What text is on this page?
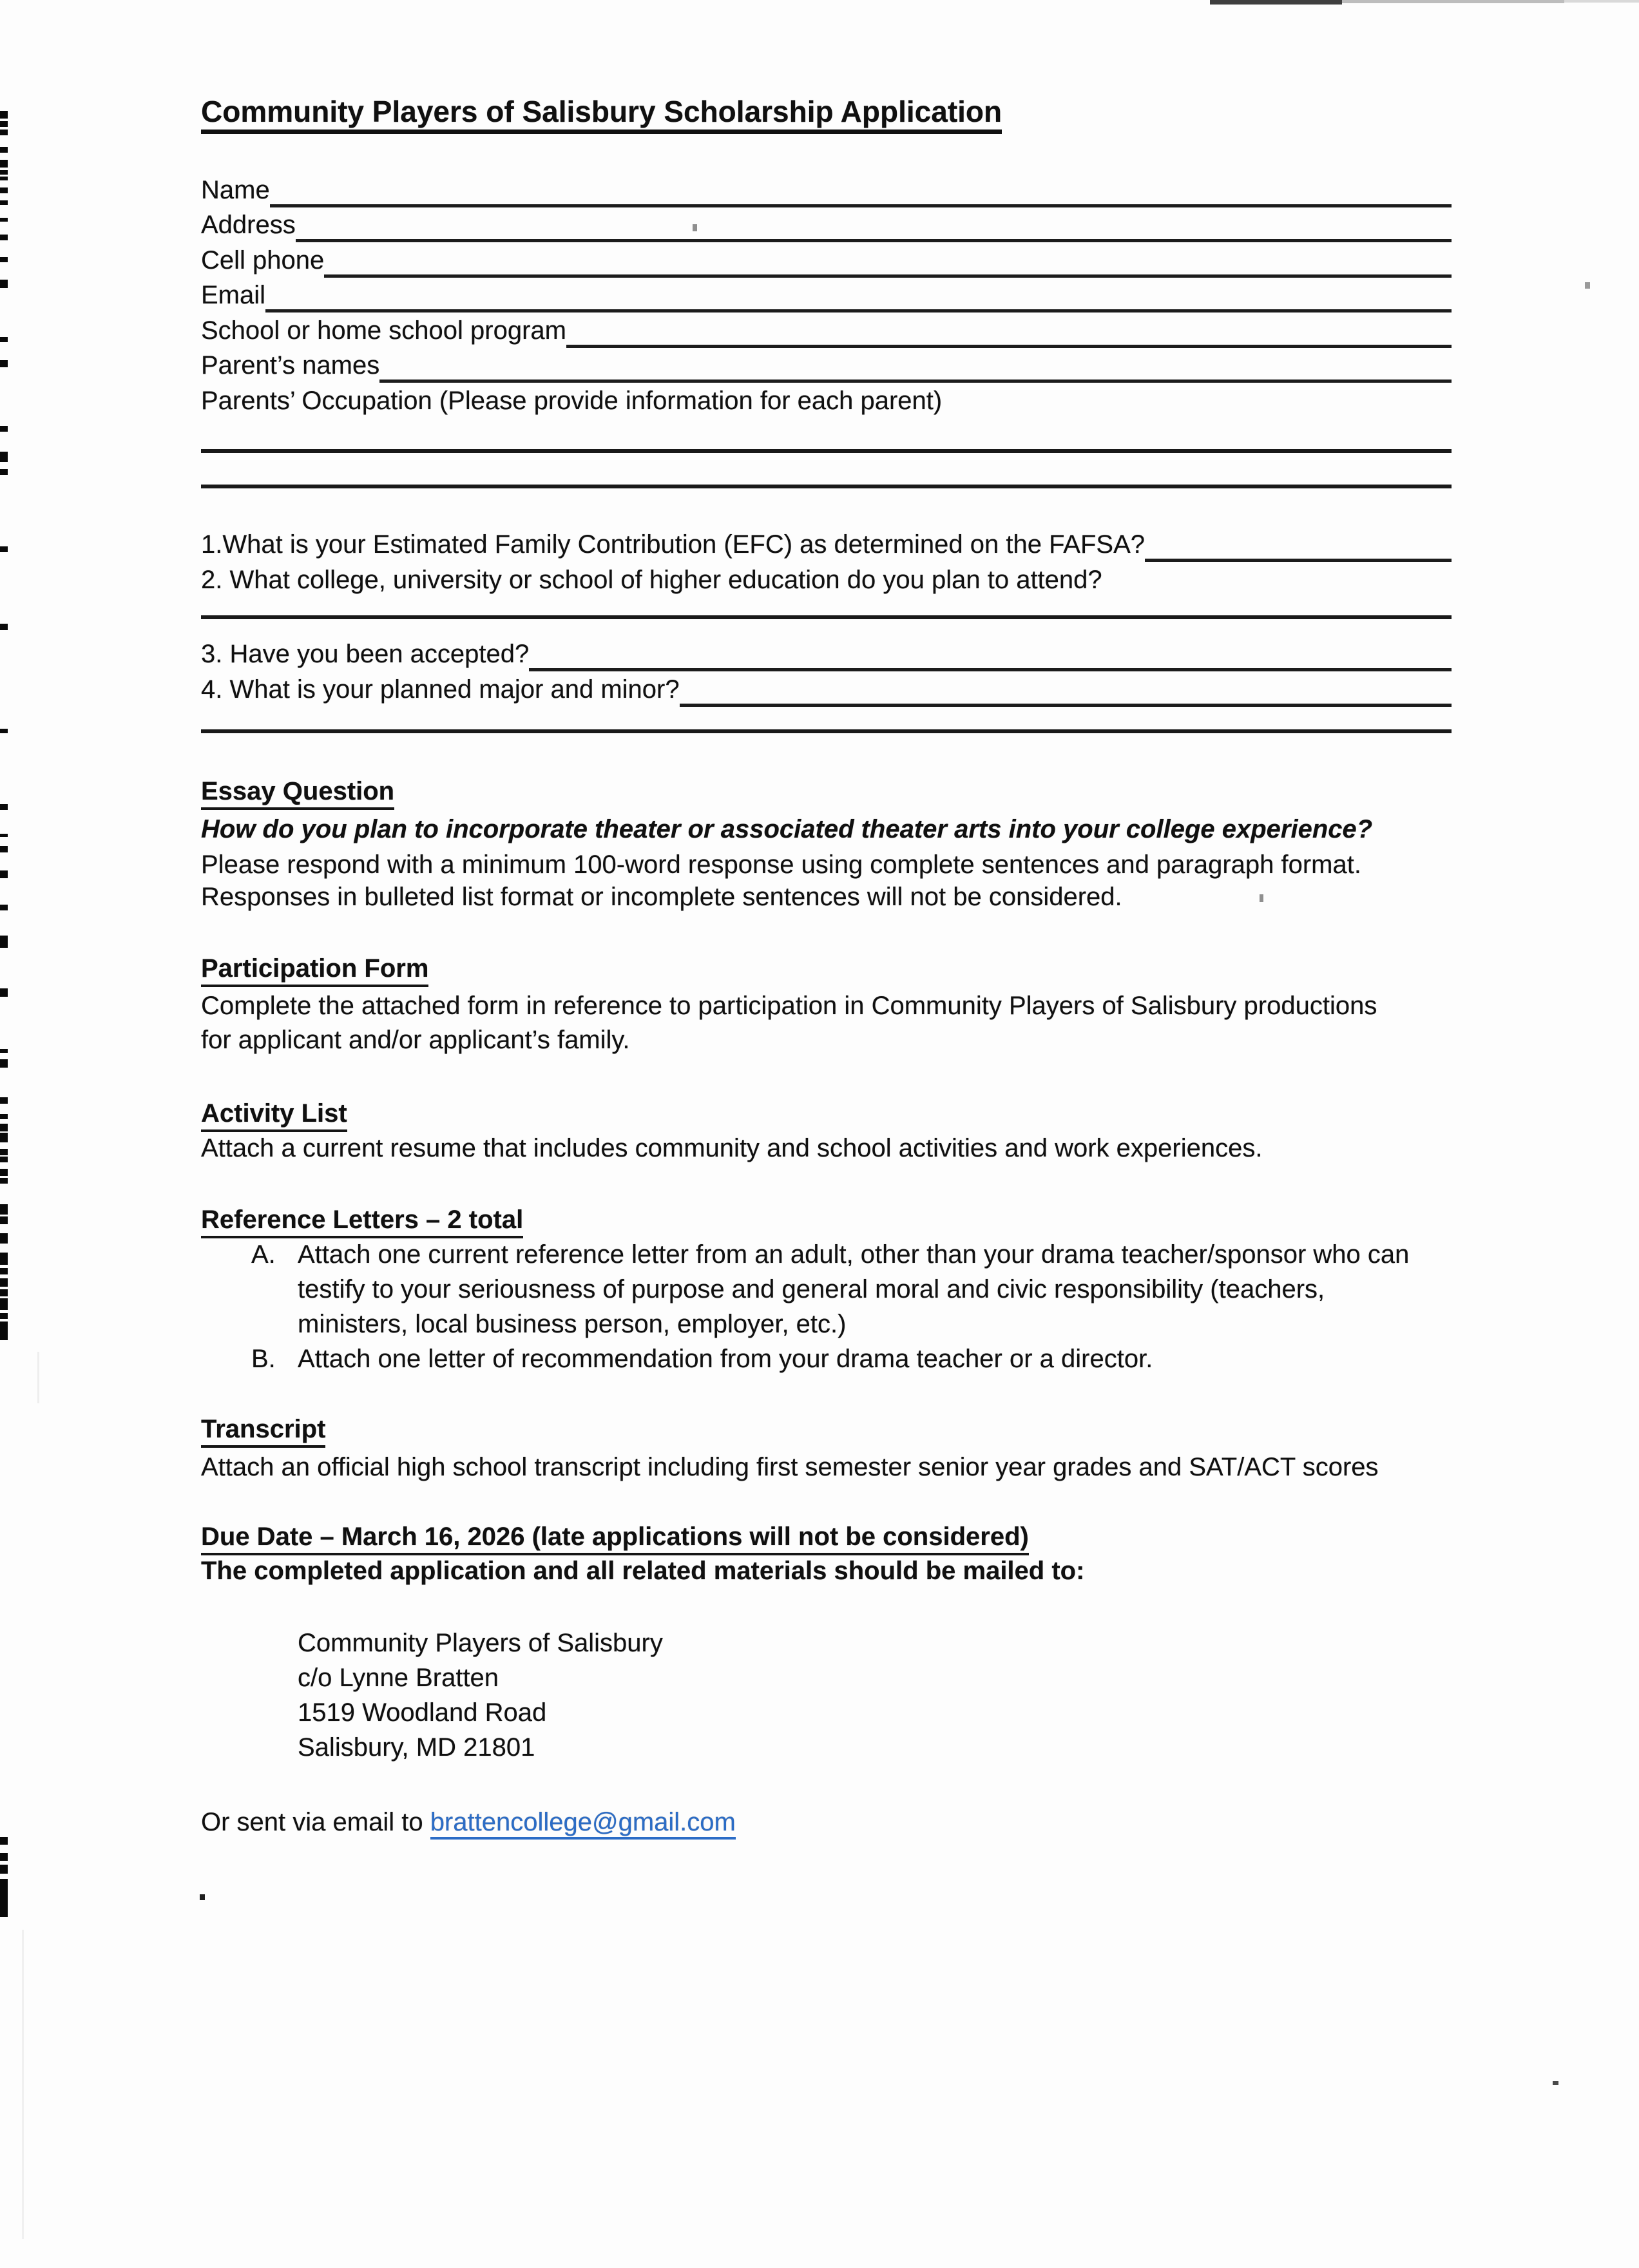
Community Players of Salisbury Scholarship Application
Name
Address
Cell phone
Email
School or home school program
Parent’s names
Parents’ Occupation (Please provide information for each parent)
1.What is your Estimated Family Contribution (EFC) as determined on the FAFSA?
2. What college, university or school of higher education do you plan to attend?
3. Have you been accepted?
4. What is your planned major and minor?
Essay Question
How do you plan to incorporate theater or associated theater arts into your college experience?
Please respond with a minimum 100-word response using complete sentences and paragraph format.
Responses in bulleted list format or incomplete sentences will not be considered.
Participation Form
Complete the attached form in reference to participation in Community Players of Salisbury productions
for applicant and/or applicant’s family.
Activity List
Attach a current resume that includes community and school activities and work experiences.
Reference Letters – 2 total
A. Attach one current reference letter from an adult, other than your drama teacher/sponsor who can
testify to your seriousness of purpose and general moral and civic responsibility (teachers,
ministers, local business person, employer, etc.)
B. Attach one letter of recommendation from your drama teacher or a director.
Transcript
Attach an official high school transcript including first semester senior year grades and SAT/ACT scores
Due Date – March 16, 2026 (late applications will not be considered)
The completed application and all related materials should be mailed to:
Community Players of Salisbury
c/o Lynne Bratten
1519 Woodland Road
Salisbury, MD 21801
Or sent via email to brattencollege@gmail.com
